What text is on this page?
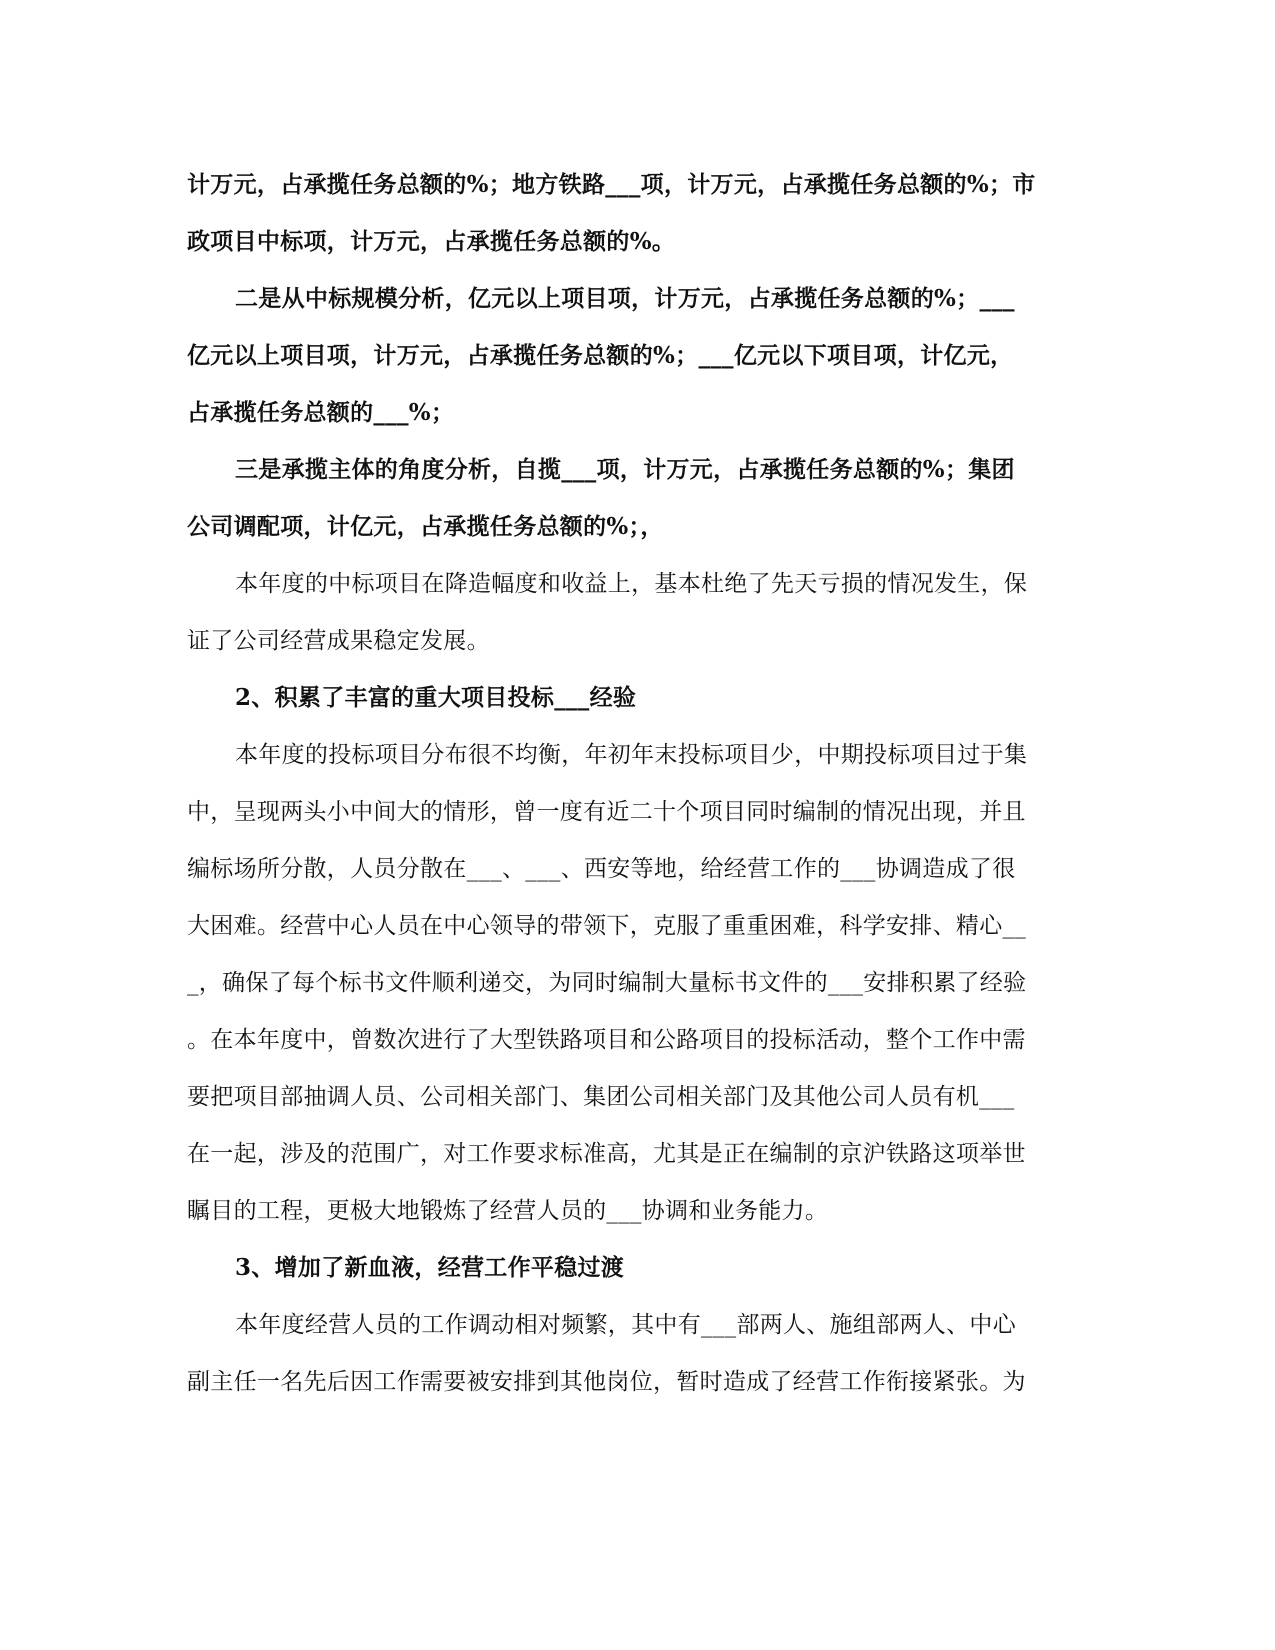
计万元，占承揽任务总额的%；地方铁路___项，计万元，占承揽任务总额的%；市
政项目中标项，计万元，占承揽任务总额的%。
二是从中标规模分析，亿元以上项目项，计万元，占承揽任务总额的%；___
亿元以上项目项，计万元，占承揽任务总额的%；___亿元以下项目项，计亿元，
占承揽任务总额的___%；
三是承揽主体的角度分析，自揽___项，计万元，占承揽任务总额的%；集团
公司调配项，计亿元，占承揽任务总额的%；，
本年度的中标项目在降造幅度和收益上，基本杜绝了先天亏损的情况发生，保
证了公司经营成果稳定发展。
2、积累了丰富的重大项目投标___经验
本年度的投标项目分布很不均衡，年初年末投标项目少，中期投标项目过于集
中，呈现两头小中间大的情形，曾一度有近二十个项目同时编制的情况出现，并且
编标场所分散，人员分散在___、___、西安等地，给经营工作的___协调造成了很
大困难。经营中心人员在中心领导的带领下，克服了重重困难，科学安排、精心__
_，确保了每个标书文件顺利递交，为同时编制大量标书文件的___安排积累了经验
。在本年度中，曾数次进行了大型铁路项目和公路项目的投标活动，整个工作中需
要把项目部抽调人员、公司相关部门、集团公司相关部门及其他公司人员有机___
在一起，涉及的范围广，对工作要求标准高，尤其是正在编制的京沪铁路这项举世
瞩目的工程，更极大地锻炼了经营人员的___协调和业务能力。
3、增加了新血液，经营工作平稳过渡
本年度经营人员的工作调动相对频繁，其中有___部两人、施组部两人、中心
副主任一名先后因工作需要被安排到其他岗位，暂时造成了经营工作衔接紧张。为
